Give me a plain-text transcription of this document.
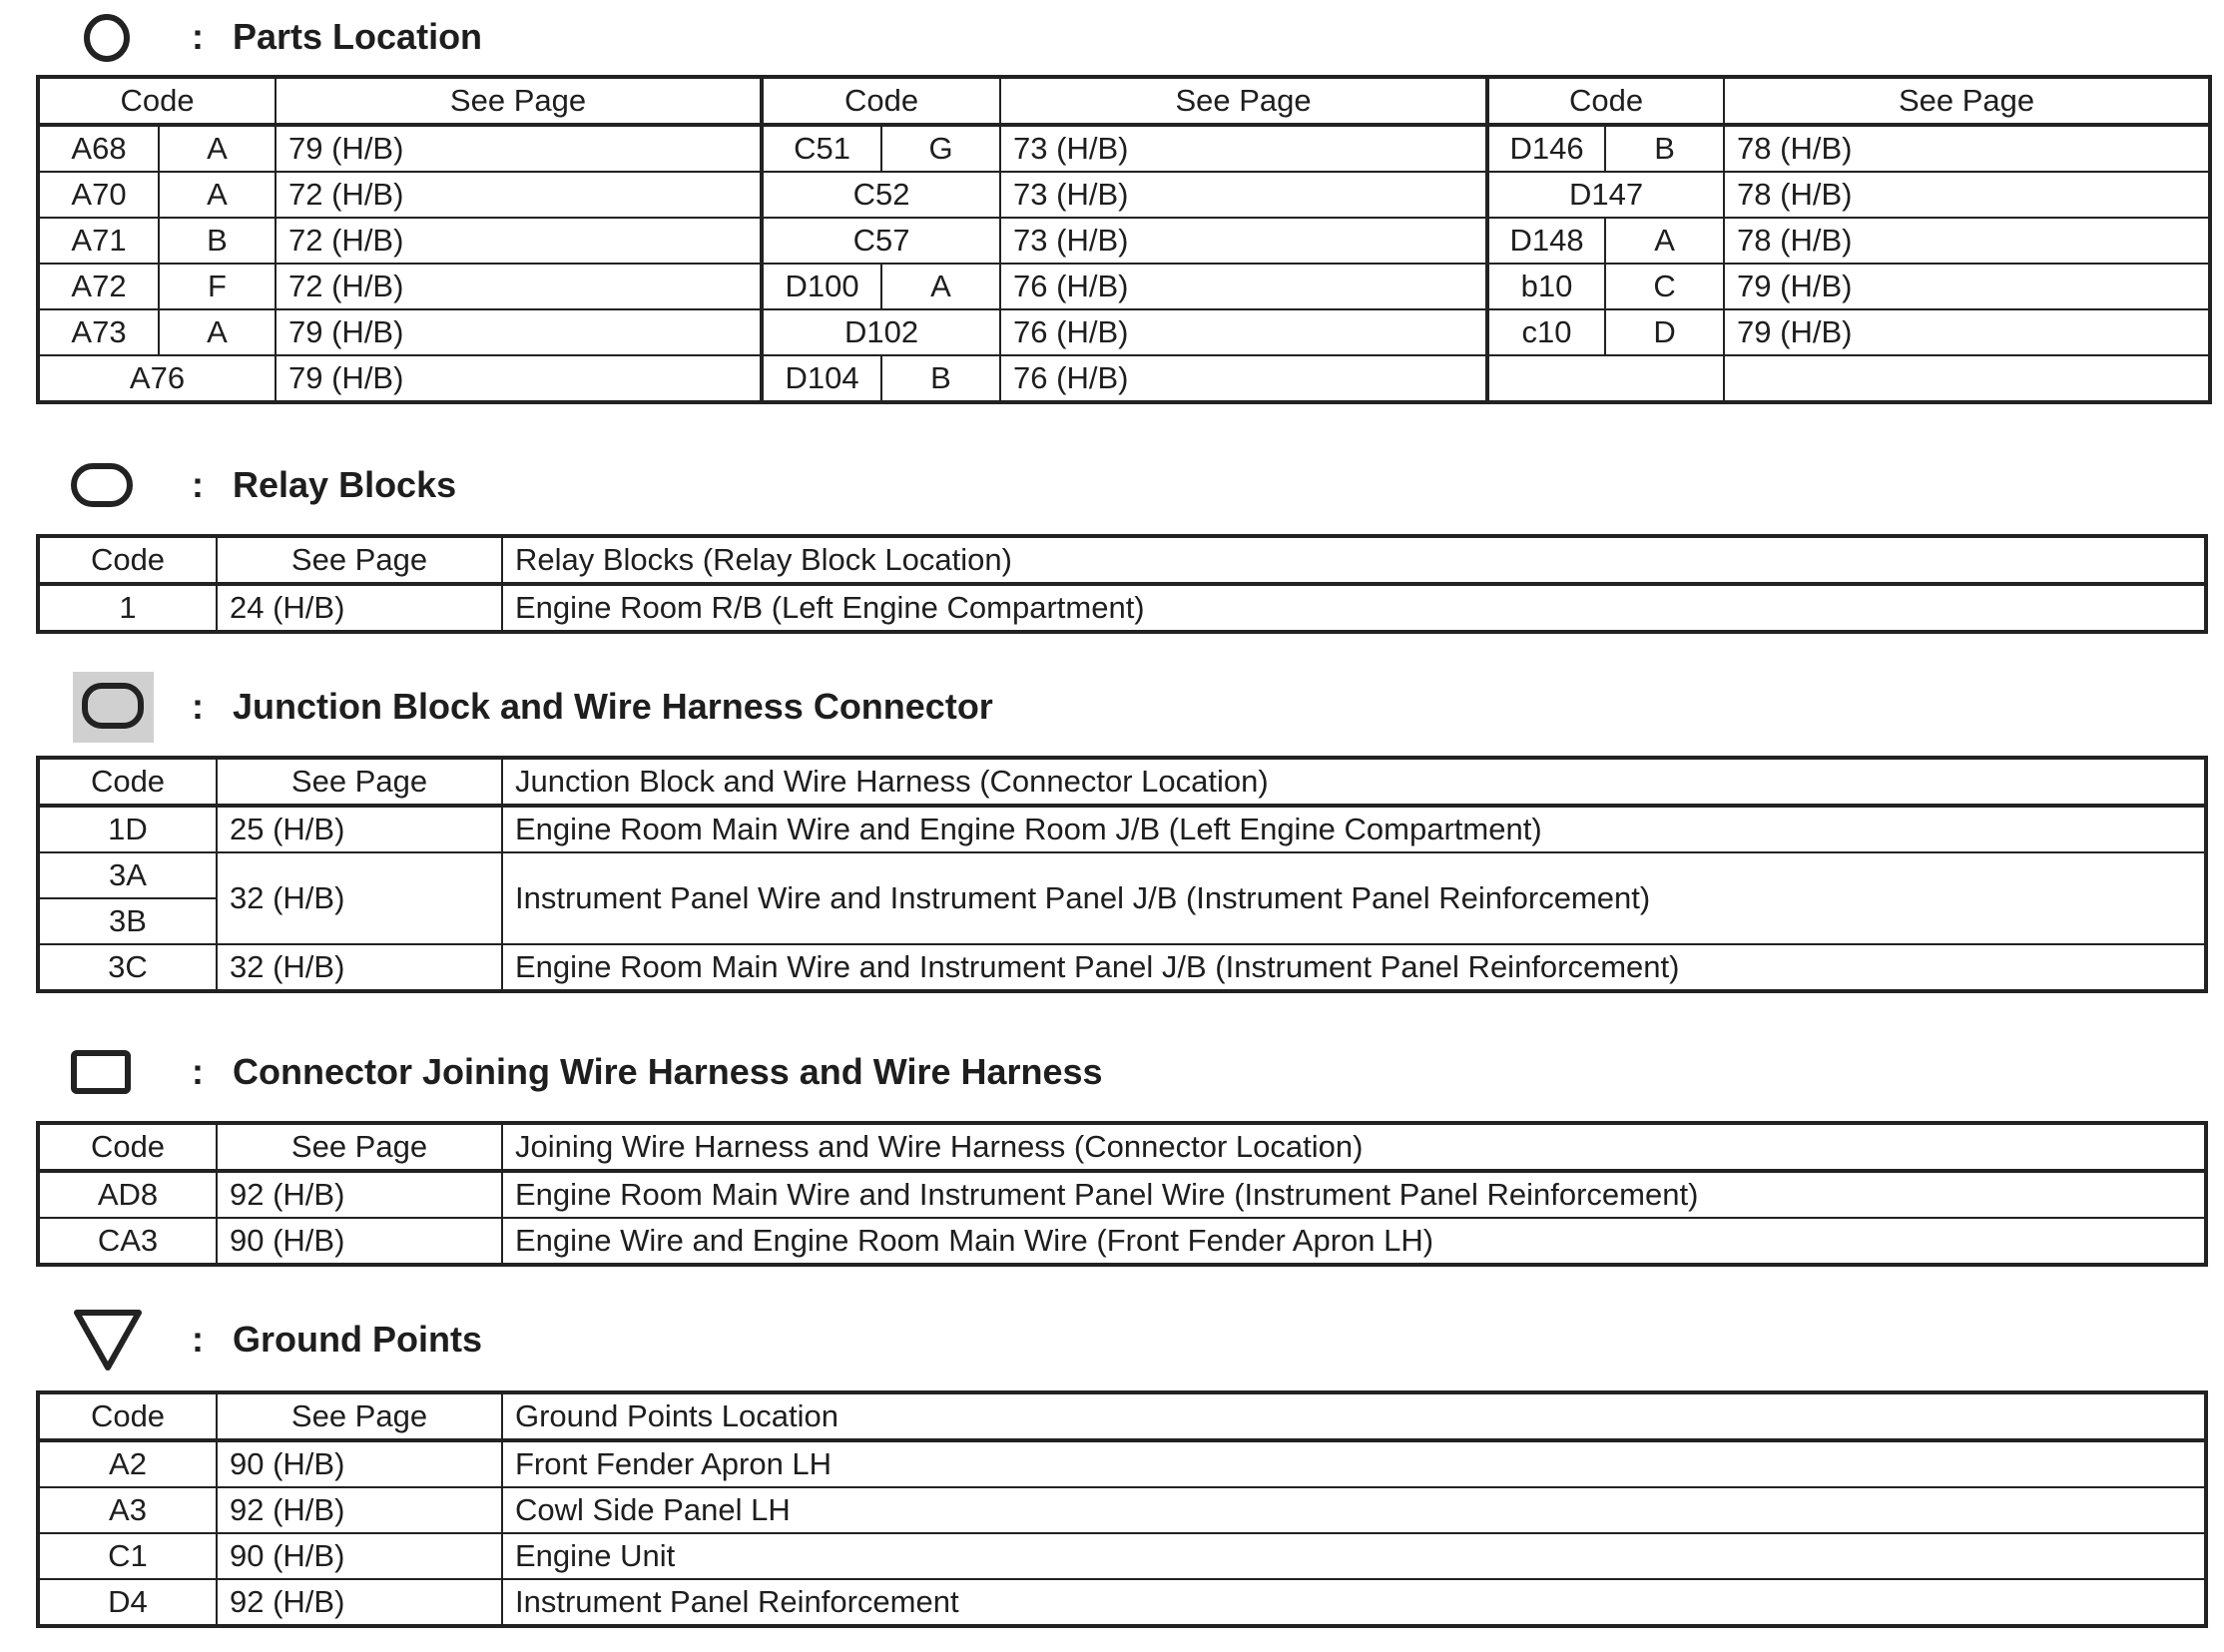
: Parts Location
Code		See Page	Code		See Page	Code		See Page
A68	A	79 (H/B)	C51	G	73 (H/B)	D146	B	78 (H/B)
A70	A	72 (H/B)	C52		73 (H/B)	D147		78 (H/B)
A71	B	72 (H/B)	C57		73 (H/B)	D148	A	78 (H/B)
A72	F	72 (H/B)	D100	A	76 (H/B)	b10	C	79 (H/B)
A73	A	79 (H/B)	D102		76 (H/B)	c10	D	79 (H/B)
A76		79 (H/B)	D104	B	76 (H/B)			
: Relay Blocks
Code	See Page	Relay Blocks (Relay Block Location)
1	24 (H/B)	Engine Room R/B (Left Engine Compartment)
: Junction Block and Wire Harness Connector
Code	See Page	Junction Block and Wire Harness (Connector Location)
1D	25 (H/B)	Engine Room Main Wire and Engine Room J/B (Left Engine Compartment)
3A	32 (H/B)	Instrument Panel Wire and Instrument Panel J/B (Instrument Panel Reinforcement)
3B		
3C	32 (H/B)	Engine Room Main Wire and Instrument Panel J/B (Instrument Panel Reinforcement)
: Connector Joining Wire Harness and Wire Harness
Code	See Page	Joining Wire Harness and Wire Harness (Connector Location)
AD8	92 (H/B)	Engine Room Main Wire and Instrument Panel Wire (Instrument Panel Reinforcement)
CA3	90 (H/B)	Engine Wire and Engine Room Main Wire (Front Fender Apron LH)
: Ground Points
Code	See Page	Ground Points Location
A2	90 (H/B)	Front Fender Apron LH
A3	92 (H/B)	Cowl Side Panel LH
C1	90 (H/B)	Engine Unit
D4	92 (H/B)	Instrument Panel Reinforcement
